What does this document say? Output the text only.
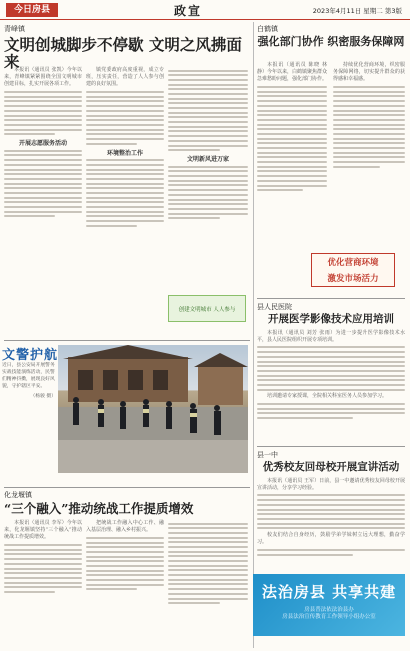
今日房县	政宣	2023年4月11日 星期二 第3版
青峰镇
文明创城脚步不停歇 文明之风拂面来

本报讯（通讯员 张凯）今年以来，青峰镇紧紧围绕全国文明城市创建目标，扎实开展各项工作。

开展志愿服务活动

镇党委政府高度重视，成立专班，压实责任，营造了人人参与创建的良好氛围。

环境整治工作
文明新风进万家
创建文明城市 人人参与
白鹤镇
强化部门协作 织密服务保障网

本报讯（通讯员 陈晓 林静）今年以来，白鹤镇聚焦群众急难愁盼问题，强化部门协作。

持续优化营商环境，织密服务保障网络，切实提升群众的获得感和幸福感。

优化营商环境
激发市场活力
县人民医院
开展医学影像技术应用培训

本报讯（通讯员 刘芳 张雨）为进一步提升医学影像技术水平，县人民医院组织开展专项培训。

培训邀请专家授课，全院相关科室医务人员参加学习。

县一中
优秀校友回母校开展宣讲活动

本报讯（通讯员 王军）日前，县一中邀请优秀校友回母校开展宣讲活动，分享学习经验。

校友们结合自身经历，鼓励学弟学妹树立远大理想，勤奋学习。

法治房县 共享共建
房县普法依法治县办
房县法治宣传教育工作领导小组办公室
文警护航
近日，县公安局开展警务实战技能演练活动，民警们精神抖擞，展现良好风貌，守护辖区平安。
（杨骏 摄）
化龙堰镇
“三个融入”推动统战工作提质增效

本报讯（通讯员 李军）今年以来，化龙堰镇坚持“三个融入”推动统战工作提质增效。

把统战工作融入中心工作、融入基层治理、融入乡村振兴。
